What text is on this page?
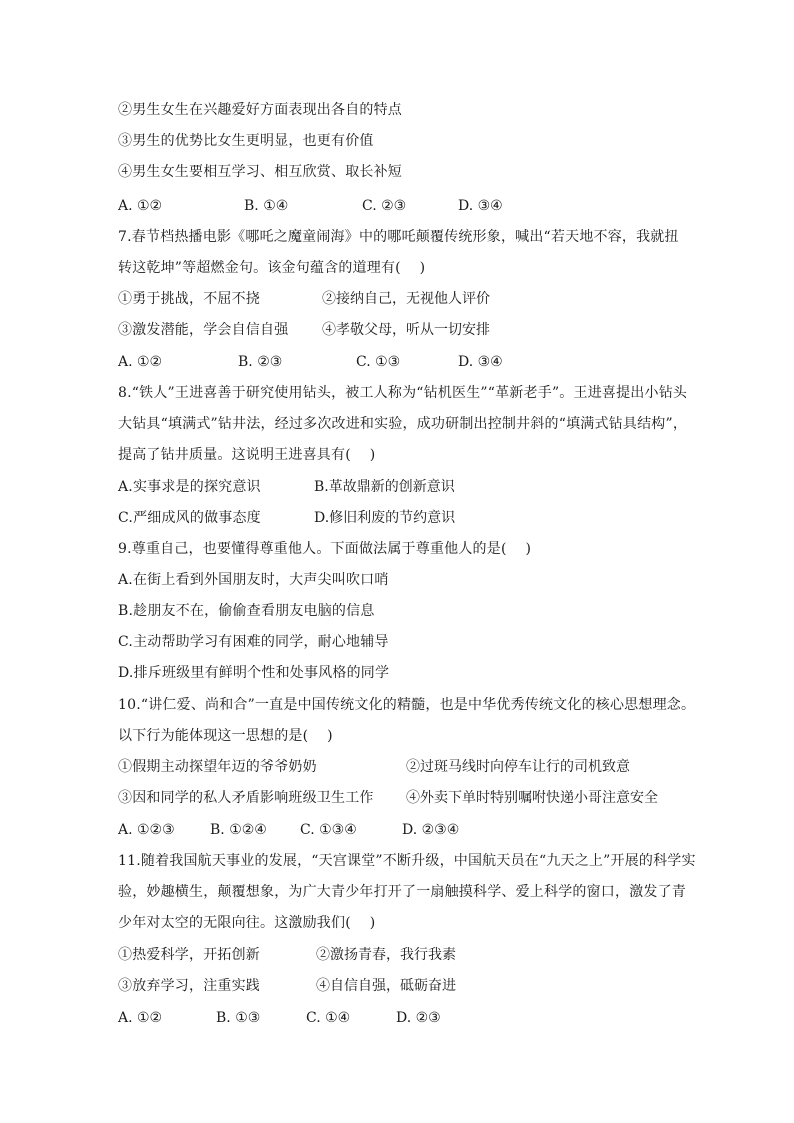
②男生女生在兴趣爱好方面表现出各自的特点
③男生的优势比女生更明显，也更有价值
④男生女生要相互学习、相互欣赏、取长补短
A. ①②	B. ①④	C. ②③	D. ③④
7.春节档热播电影《哪吒之魔童闹海》中的哪吒颠覆传统形象，喊出“若天地不容，我就扭
转这乾坤”等超燃金句。该金句蕴含的道理有(　 )
①勇于挑战，不屈不挠	②接纳自己，无视他人评价
③激发潜能，学会自信自强 ④孝敬父母，听从一切安排
A. ①②	B. ②③	C. ①③	D. ③④
8.“铁人”王进喜善于研究使用钻头，被工人称为“钻机医生”“革新老手”。王进喜提出小钻头
大钻具“填满式”钻井法，经过多次改进和实验，成功研制出控制井斜的“填满式钻具结构”，
提高了钻井质量。这说明王进喜具有(　 )
A.实事求是的探究意识	B.革故鼎新的创新意识
C.严细成风的做事态度	D.修旧利废的节约意识
9.尊重自己，也要懂得尊重他人。下面做法属于尊重他人的是(　 )
A.在街上看到外国朋友时，大声尖叫吹口哨
B.趁朋友不在，偷偷查看朋友电脑的信息
C.主动帮助学习有困难的同学，耐心地辅导
D.排斥班级里有鲜明个性和处事风格的同学
10.“讲仁爱、尚和合”一直是中国传统文化的精髓，也是中华优秀传统文化的核心思想理念。
以下行为能体现这一思想的是(　 )
①假期主动探望年迈的爷爷奶奶	②过斑马线时向停车让行的司机致意
③因和同学的私人矛盾影响班级卫生工作 ④外卖下单时特别嘱咐快递小哥注意安全
A. ①②③	B. ①②④ C. ①③④	D. ②③④
11.随着我国航天事业的发展，“天宫课堂”不断升级，中国航天员在“九天之上”开展的科学实
验，妙趣横生，颠覆想象，为广大青少年打开了一扇触摸科学、爱上科学的窗口，激发了青
少年对太空的无限向往。这激励我们(　 )
①热爱科学，开拓创新	②激扬青春，我行我素
③放弃学习，注重实践	④自信自强，砥砺奋进
A. ①②	B. ①③	C. ①④	D. ②③
